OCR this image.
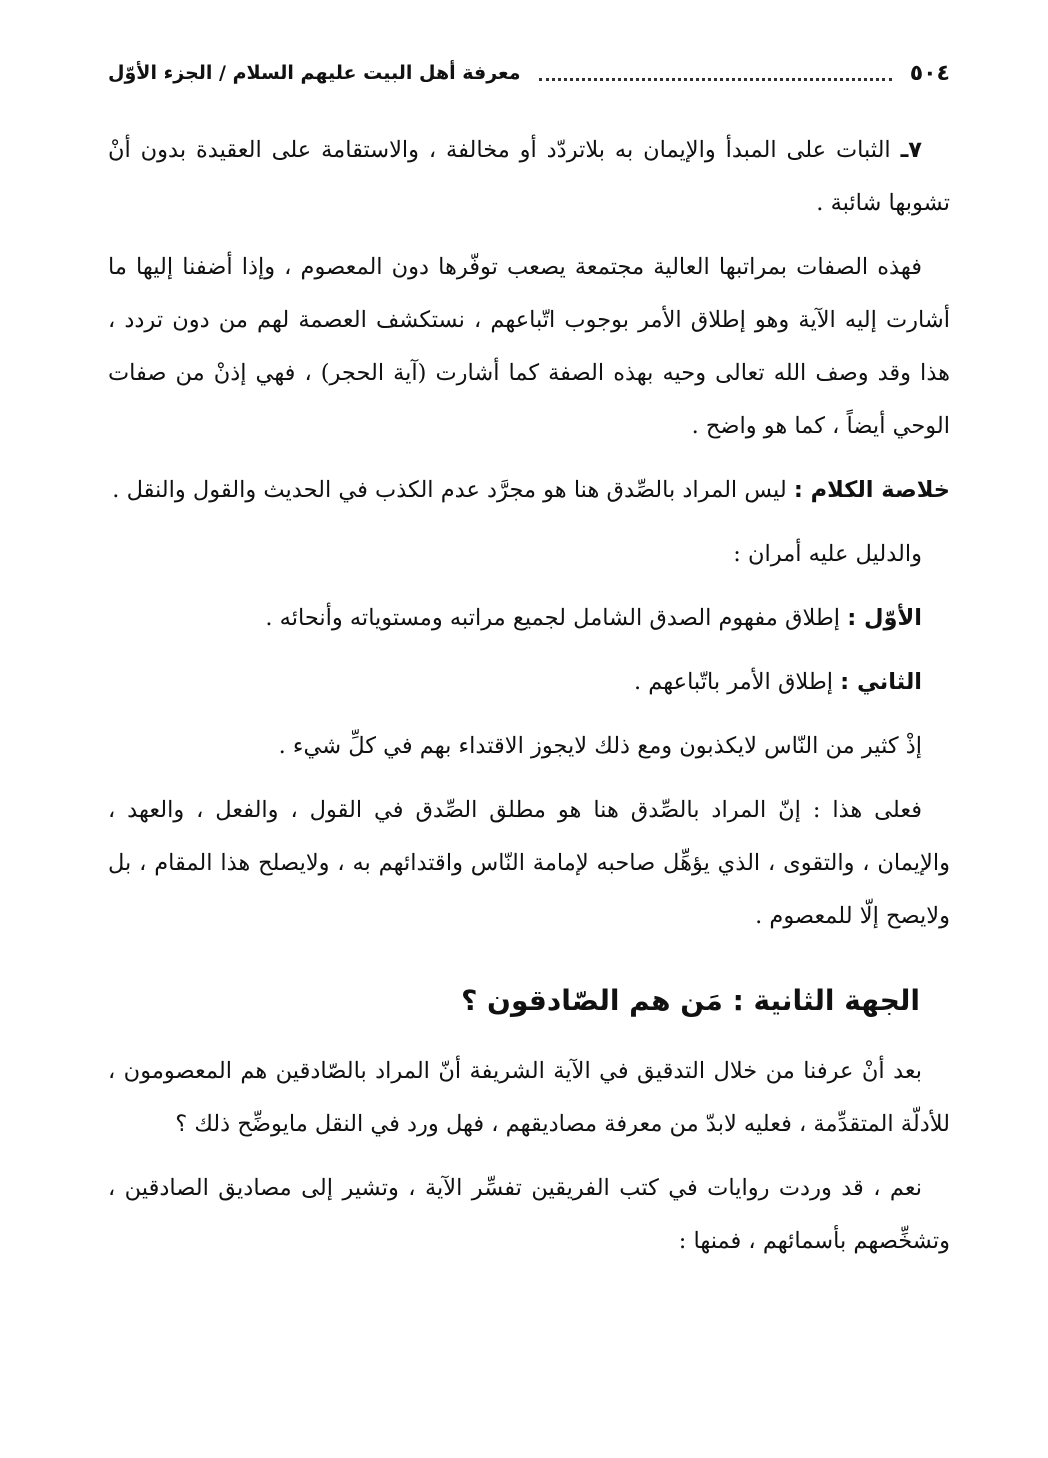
٥٠٤
معرفة أهل البيت عليهم السلام / الجزء الأوّل

٧ـ الثبات على المبدأ والإيمان به بلاتردّد أو مخالفة ، والاستقامة على العقيدة بدون أنْ تشوبها شائبة .

فهذه الصفات بمراتبها العالية مجتمعة يصعب توفّرها دون المعصوم ، وإذا أضفنا إليها ما أشارت إليه الآية وهو إطلاق الأمر بوجوب اتّباعهم ، نستكشف العصمة لهم من دون تردد ، هذا وقد وصف الله تعالى وحيه بهذه الصفة كما أشارت (آية الحجر) ، فهي إذنْ من صفات الوحي أيضاً ، كما هو واضح .

خلاصة الكلام : ليس المراد بالصِّدق هنا هو مجرَّد عدم الكذب في الحديث والقول والنقل .

والدليل عليه أمران :

الأوّل : إطلاق مفهوم الصدق الشامل لجميع مراتبه ومستوياته وأنحائه .

الثاني : إطلاق الأمر باتّباعهم .

إذْ كثير من النّاس لايكذبون ومع ذلك لايجوز الاقتداء بهم في كلِّ شيء .

فعلى هذا : إنّ المراد بالصِّدق هنا هو مطلق الصِّدق في القول ، والفعل ، والعهد ، والإيمان ، والتقوى ، الذي يؤهِّل صاحبه لإمامة النّاس واقتدائهم به ، ولايصلح هذا المقام ، بل ولايصح إلّا للمعصوم .

الجهة الثانية : مَن هم الصّادقون ؟

بعد أنْ عرفنا من خلال التدقيق في الآية الشريفة أنّ المراد بالصّادقين هم المعصومون ، للأدلّة المتقدِّمة ، فعليه لابدّ من معرفة مصاديقهم ، فهل ورد في النقل مايوضِّح ذلك ؟

نعم ، قد وردت روايات في كتب الفريقين تفسِّر الآية ، وتشير إلى مصاديق الصادقين ، وتشخِّصهم بأسمائهم ، فمنها :
